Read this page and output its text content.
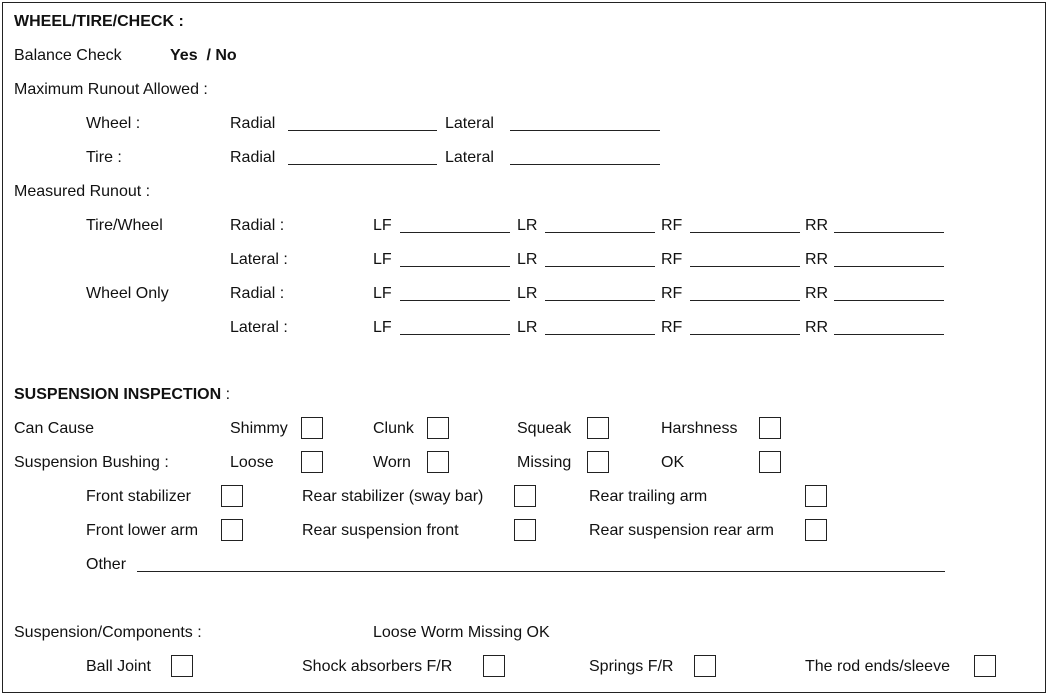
WHEEL/TIRE/CHECK :
Balance Check	Yes  / No
Maximum Runout Allowed :
Wheel :	Radial	Lateral
Tire :	Radial	Lateral
Measured Runout :
Tire/Wheel	Radial :	LF	LR	RF	RR
Lateral :	LF	LR	RF	RR
Wheel Only	Radial :	LF	LR	RF	RR
Lateral :	LF	LR	RF	RR
SUSPENSION INSPECTION :
Can Cause	Shimmy	Clunk	Squeak	Harshness
Suspension Bushing :	Loose	Worn	Missing	OK
Front stabilizer	Rear stabilizer (sway bar)	Rear trailing arm
Front lower arm	Rear suspension front	Rear suspension rear arm
Other
Suspension/Components :	Loose Worm Missing OK
Ball Joint	Shock absorbers F/R	Springs F/R	The rod ends/sleeve
